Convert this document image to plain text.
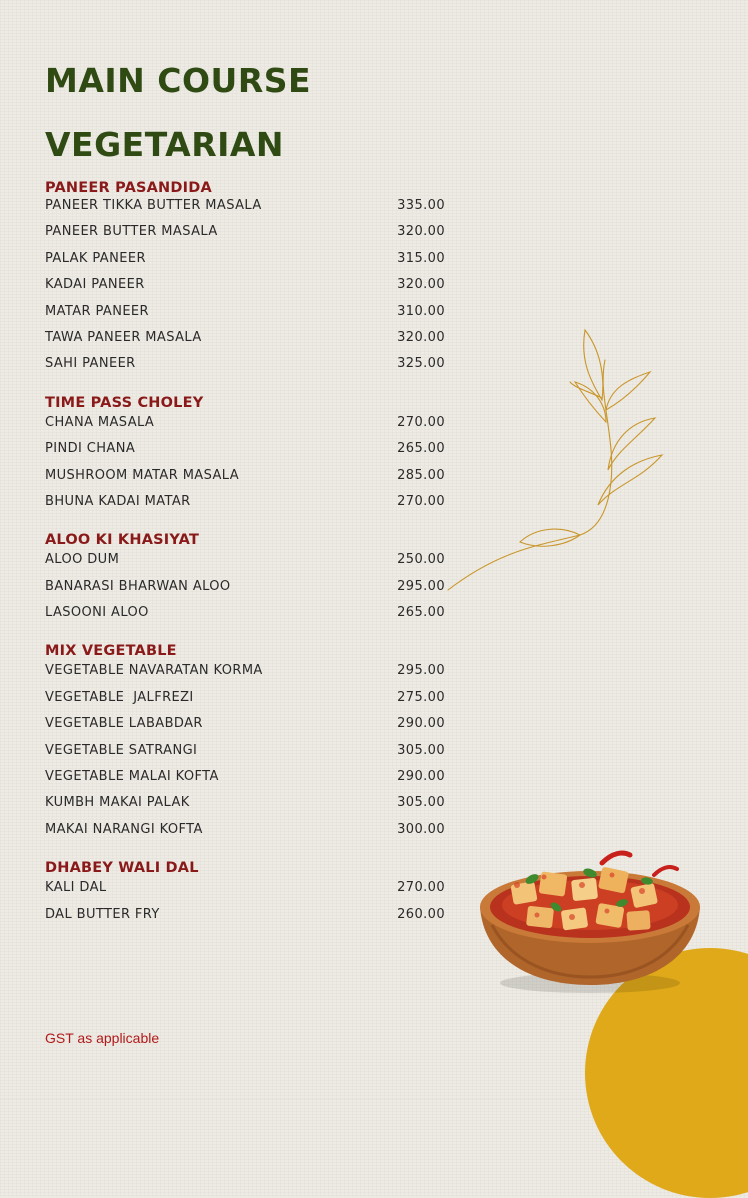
MAIN COURSE
VEGETARIAN
PANEER PASANDIDA
PANEER TIKKA BUTTER MASALA	335.00
PANEER BUTTER MASALA	320.00
PALAK PANEER	315.00
KADAI PANEER	320.00
MATAR PANEER	310.00
TAWA PANEER MASALA	320.00
SAHI PANEER	325.00
TIME PASS CHOLEY
CHANA MASALA	270.00
PINDI CHANA	265.00
MUSHROOM MATAR MASALA	285.00
BHUNA KADAI MATAR	270.00
ALOO KI KHASIYAT
ALOO DUM	250.00
BANARASI BHARWAN ALOO	295.00
LASOONI ALOO	265.00
MIX VEGETABLE
VEGETABLE NAVARATAN KORMA	295.00
VEGETABLE  JALFREZI	275.00
VEGETABLE LABABDAR	290.00
VEGETABLE SATRANGI	305.00
VEGETABLE MALAI KOFTA	290.00
KUMBH MAKAI PALAK	305.00
MAKAI NARANGI KOFTA	300.00
DHABEY WALI DAL
KALI DAL	270.00
DAL BUTTER FRY	260.00
GST as applicable
